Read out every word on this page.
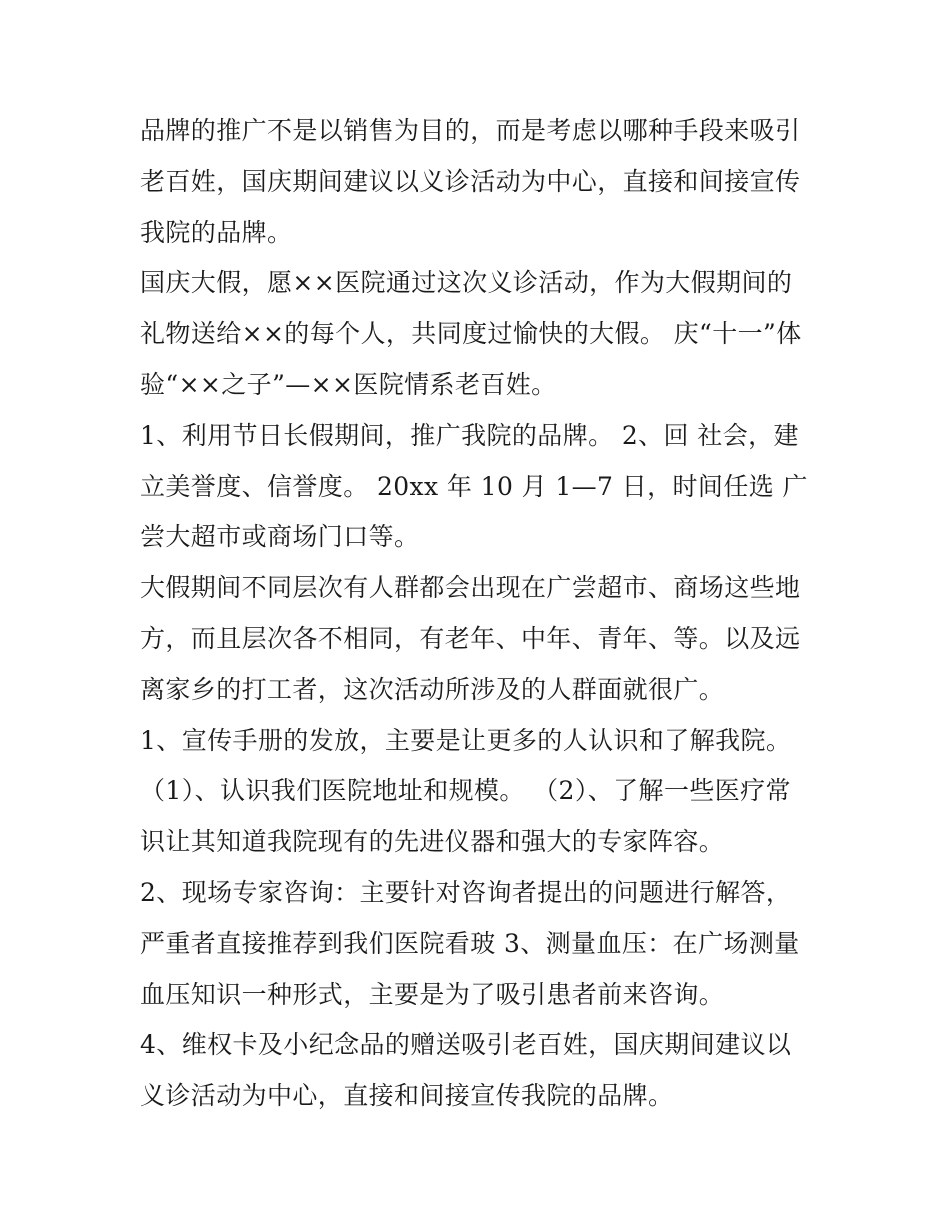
品牌的推广不是以销售为目的，而是考虑以哪种手段来吸引老百姓，国庆期间建议以义诊活动为中心，直接和间接宣传我院的品牌。

国庆大假，愿××医院通过这次义诊活动，作为大假期间的礼物送给××的每个人，共同度过愉快的大假。 庆“十一”体验“××之子”—××医院情系老百姓。

1、利用节日长假期间，推广我院的品牌。 2、回 社会，建立美誉度、信誉度。 20xx 年 10 月 1—7 日，时间任选 广尝大超市或商场门口等。

大假期间不同层次有人群都会出现在广尝超市、商场这些地方，而且层次各不相同，有老年、中年、青年、等。以及远离家乡的打工者，这次活动所涉及的人群面就很广。

1、宣传手册的发放，主要是让更多的人认识和了解我院。

（1）、认识我们医院地址和规模。 （2）、了解一些医疗常识让其知道我院现有的先进仪器和强大的专家阵容。

2、现场专家咨询：主要针对咨询者提出的问题进行解答，严重者直接推荐到我们医院看玻 3、测量血压：在广场测量血压知识一种形式，主要是为了吸引患者前来咨询。

4、维权卡及小纪念品的赠送吸引老百姓，国庆期间建议以义诊活动为中心，直接和间接宣传我院的品牌。
